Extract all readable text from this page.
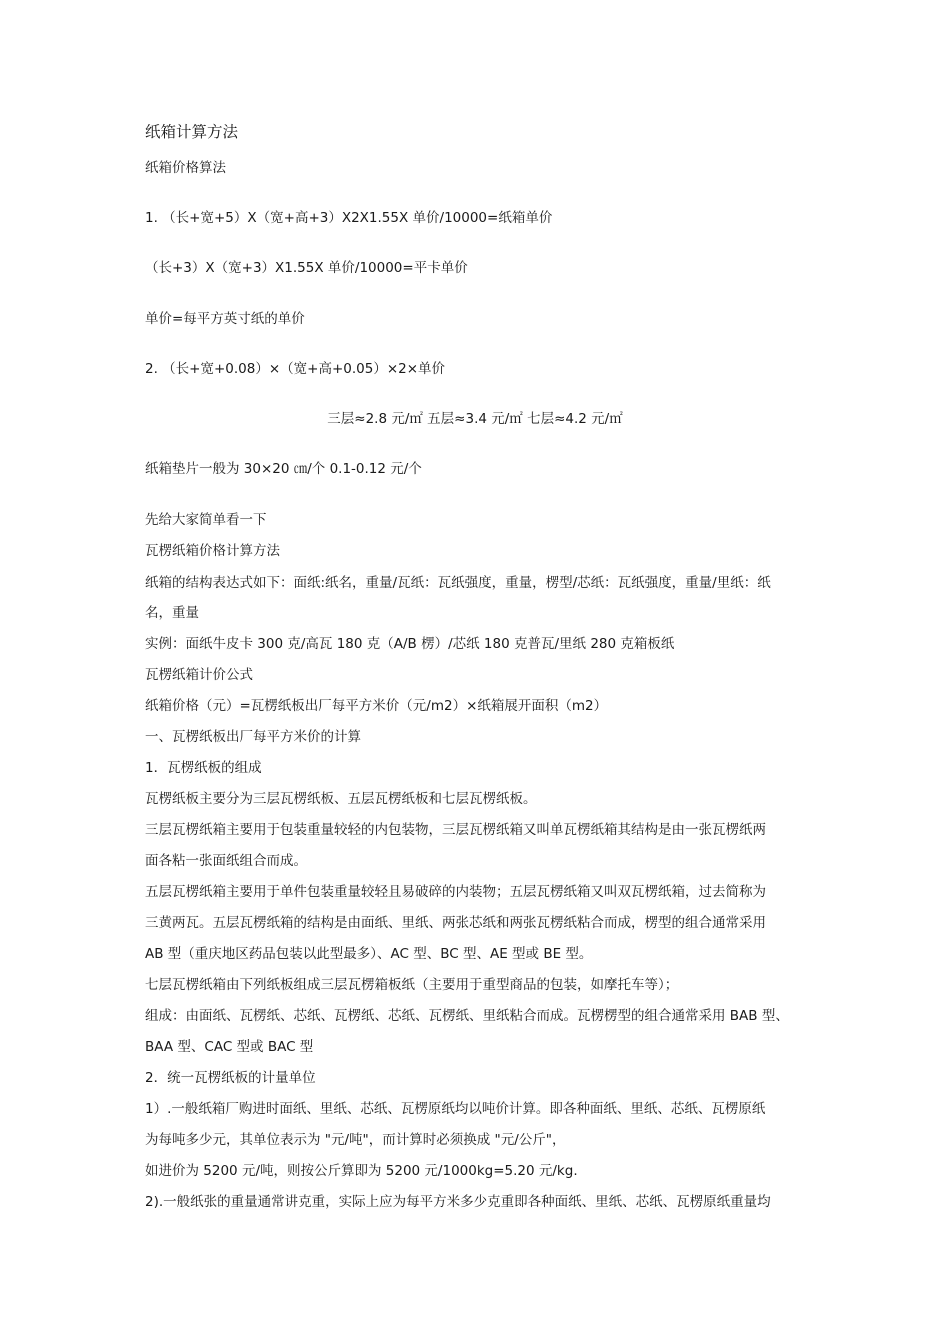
纸箱计算方法
纸箱价格算法
1. （长+宽+5）X（宽+高+3）X2X1.55X 单价/10000=纸箱单价
（长+3）X（宽+3）X1.55X 单价/10000=平卡单价
单价=每平方英寸纸的单价
2. （长+宽+0.08）×（宽+高+0.05）×2×单价
三层≈2.8 元/㎡ 五层≈3.4 元/㎡ 七层≈4.2 元/㎡
纸箱垫片一般为 30×20 ㎝/个 0.1-0.12 元/个
先给大家简单看一下
瓦楞纸箱价格计算方法
纸箱的结构表达式如下：面纸:纸名，重量/瓦纸：瓦纸强度，重量，楞型/芯纸：瓦纸强度，重量/里纸：纸
名，重量
实例：面纸牛皮卡 300 克/高瓦 180 克（A/B 楞）/芯纸 180 克普瓦/里纸 280 克箱板纸
瓦楞纸箱计价公式
纸箱价格（元）=瓦楞纸板出厂每平方米价（元/m2）×纸箱展开面积（m2）
一、瓦楞纸板出厂每平方米价的计算
1．瓦楞纸板的组成
瓦楞纸板主要分为三层瓦楞纸板、五层瓦楞纸板和七层瓦楞纸板。
三层瓦楞纸箱主要用于包装重量较轻的内包装物，三层瓦楞纸箱又叫单瓦楞纸箱其结构是由一张瓦楞纸两
面各粘一张面纸组合而成。
五层瓦楞纸箱主要用于单件包装重量较轻且易破碎的内装物；五层瓦楞纸箱又叫双瓦楞纸箱，过去简称为
三黄两瓦。五层瓦楞纸箱的结构是由面纸、里纸、两张芯纸和两张瓦楞纸粘合而成，楞型的组合通常采用
AB 型（重庆地区药品包装以此型最多）、AC 型、BC 型、AE 型或 BE 型。
七层瓦楞纸箱由下列纸板组成三层瓦楞箱板纸（主要用于重型商品的包装，如摩托车等）；
组成：由面纸、瓦楞纸、芯纸、瓦楞纸、芯纸、瓦楞纸、里纸粘合而成。瓦楞楞型的组合通常采用 BAB 型、
BAA 型、CAC 型或 BAC 型
2．统一瓦楞纸板的计量单位
1）.一般纸箱厂购进时面纸、里纸、芯纸、瓦楞原纸均以吨价计算。即各种面纸、里纸、芯纸、瓦楞原纸
为每吨多少元，其单位表示为 "元/吨"，而计算时必须换成 "元/公斤"，
如进价为 5200 元/吨，则按公斤算即为 5200 元/1000kg=5.20 元/kg.
2).一般纸张的重量通常讲克重，实际上应为每平方米多少克重即各种面纸、里纸、芯纸、瓦楞原纸重量均
